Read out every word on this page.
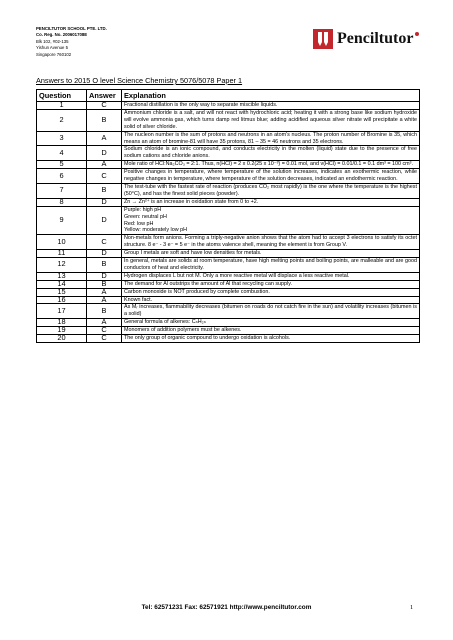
PENCILTUTOR SCHOOL PTE. LTD.
Co. Reg. No. 200601708E
Blk 102, #02-135
Yishun Avenue 5
Singapore 760102
Penciltutor
Answers to 2015 O level Science Chemistry 5076/5078 Paper 1
Question	Answer	Explanation
1	C	Fractional distillation is the only way to separate miscible liquids.
2	B	Ammonium chloride is a salt, and will not react with hydrochloric acid; heating it with a strong base like sodium hydroxide will evolve ammonia gas, which turns damp red litmus blue; adding acidified aqueous silver nitrate will precipitate a white solid of silver chloride.
3	A	The nucleon number is the sum of protons and neutrons in an atom's nucleus. The proton number of Bromine is 35, which means an atom of bromine-81 will have 35 protons, 81 – 35 = 46 neutrons and 35 electrons.
4	D	Sodium chloride is an ionic compound, and conducts electricity in the molten (liquid) state due to the presence of free sodium cations and chloride anions.
5	A	Mole ratio of HCl:Na₂CO₃ = 2:1. Thus, n(HCl) = 2 x 0.2(25 x 10⁻³) = 0.01 mol, and v(HCl) = 0.01/0.1 = 0.1 dm³ = 100 cm³.
6	C	Positive changes in temperature, where temperature of the solution increases, indicates an exothermic reaction, while negative changes in temperature, where temperature of the solution decreases, indicated an endothermic reaction.
7	B	The test-tube with the fastest rate of reaction (produces CO₂ most rapidly) is the one where the temperature is the highest (50°C), and has the finest solid pieces (powder).
8	D	Zn → Zn²⁺ is an increase in oxidation state from 0 to +2.
9	D	Purple: high pH
Green: neutral pH
Red: low pH
Yellow: moderately low pH
10	C	Non-metals form anions. Forming a triply-negative anion shows that the atom had to accept 3 electrons to satisfy its octet structure. 8 e⁻ - 3 e⁻ = 5 e⁻ in the atoms valence shell, meaning the element is from Group V.
11	D	Group I metals are soft and have low densities for metals.
12	B	In general, metals are solids at room temperature, have high melting points and boiling points, are malleable and are good conductors of heat and electricity.
13	D	Hydrogen displaces L but not M. Only a more reactive metal will displace a less reactive metal.
14	B	The demand for Al outstrips the amount of Al that recycling can supply.
15	A	Carbon monoxide is NOT produced by complete combustion.
16	A	Known fact.
17	B	As Mᵣ increases, flammability decreases (bitumen on roads do not catch fire in the sun) and volatility increases (bitumen is a solid)
18	A	General formula of alkenes: CₙH₂ₙ
19	C	Monomers of addition polymers must be alkenes.
20	C	The only group of organic compound to undergo oxidation is alcohols.
Tel: 62571231 Fax: 62571921 http://www.penciltutor.com	1
